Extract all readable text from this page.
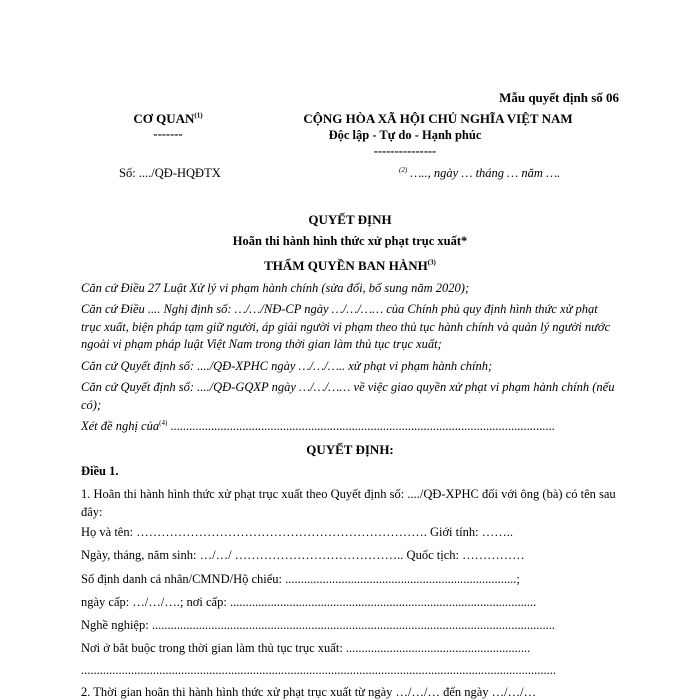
Mẫu quyết định số 06
CƠ QUAN$^{(1)}$
-------
CỘNG HÒA XÃ HỘI CHỦ NGHĨA VIỆT NAM
Độc lập - Tự do - Hạnh phúc
---------------
Số: ..../QĐ-HQĐTX	$^{(2)}$ ….., ngày … tháng … năm ….
QUYẾT ĐỊNH
Hoãn thi hành hình thức xử phạt trục xuất*
THẨM QUYỀN BAN HÀNH$^{(3)}$
Căn cứ Điều 27 Luật Xử lý vi phạm hành chính (sửa đổi, bổ sung năm 2020);
Căn cứ Điều .... Nghị định số: …/…/NĐ-CP ngày …/…/…… của Chính phủ quy định hình thức xử phạt trục xuất, biện pháp tạm giữ người, áp giải người vi phạm theo thủ tục hành chính và quản lý người nước ngoài vi phạm pháp luật Việt Nam trong thời gian làm thủ tục trục xuất;
Căn cứ Quyết định số: ..../QĐ-XPHC ngày …/…/….. xử phạt vi phạm hành chính;
Căn cứ Quyết định số: ..../QĐ-GQXP ngày …/…/…… về việc giao quyền xử phạt vi phạm hành chính (nếu có);
Xét đề nghị của$^{(4)}$ ...........................................................................................................................
QUYẾT ĐỊNH:
Điều 1.
1. Hoãn thi hành hình thức xử phạt trục xuất theo Quyết định số: ..../QĐ-XPHC đối với ông (bà) có tên sau đây:
Họ và tên: ……………………………………………………………. Giới tính: ……..
Ngày, tháng, năm sinh: …/…/ ………………………………….. Quốc tịch: ……………
Số định danh cá nhân/CMND/Hộ chiếu: ..........................................................................;
ngày cấp: …/…/….; nơi cấp: ..................................................................................................
Nghề nghiệp: .................................................................................................................................
Nơi ở bắt buộc trong thời gian làm thủ tục trục xuất: ...........................................................
........................................................................................................................................................
2. Thời gian hoãn thi hành hình thức xử phạt trục xuất từ ngày …/…/… đến ngày …/…/…
